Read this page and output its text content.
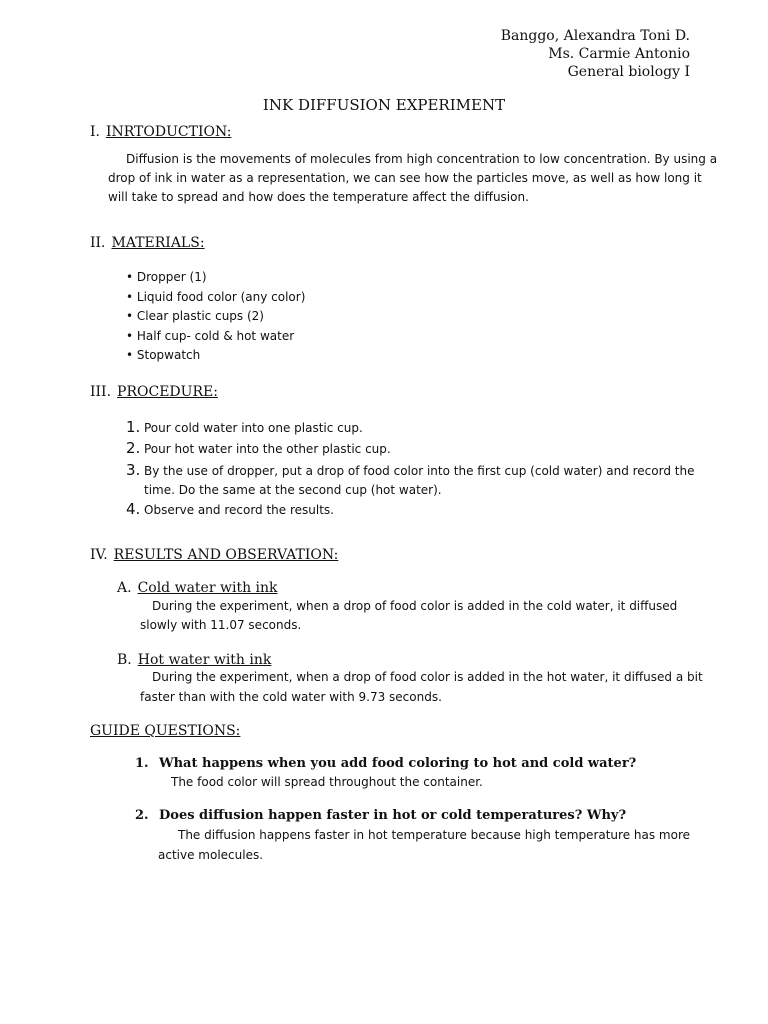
Banggo, Alexandra Toni D.
Ms. Carmie Antonio
General biology I
INK DIFFUSION EXPERIMENT
I. INRTODUCTION:
Diffusion is the movements of molecules from high concentration to low concentration. By using a
drop of ink in water as a representation, we can see how the particles move, as well as how long it
will take to spread and how does the temperature affect the diffusion.
II. MATERIALS:
• Dropper (1)
• Liquid food color (any color)
• Clear plastic cups (2)
• Half cup- cold & hot water
• Stopwatch
III. PROCEDURE:
1. Pour cold water into one plastic cup.
2. Pour hot water into the other plastic cup.
3. By the use of dropper, put a drop of food color into the first cup (cold water) and record the
time. Do the same at the second cup (hot water).
4. Observe and record the results.
IV. RESULTS AND OBSERVATION:
A. Cold water with ink
During the experiment, when a drop of food color is added in the cold water, it diffused
slowly with 11.07 seconds.
B. Hot water with ink
During the experiment, when a drop of food color is added in the hot water, it diffused a bit
faster than with the cold water with 9.73 seconds.
GUIDE QUESTIONS:
1. What happens when you add food coloring to hot and cold water?
The food color will spread throughout the container.
2. Does diffusion happen faster in hot or cold temperatures? Why?
The diffusion happens faster in hot temperature because high temperature has more
active molecules.
